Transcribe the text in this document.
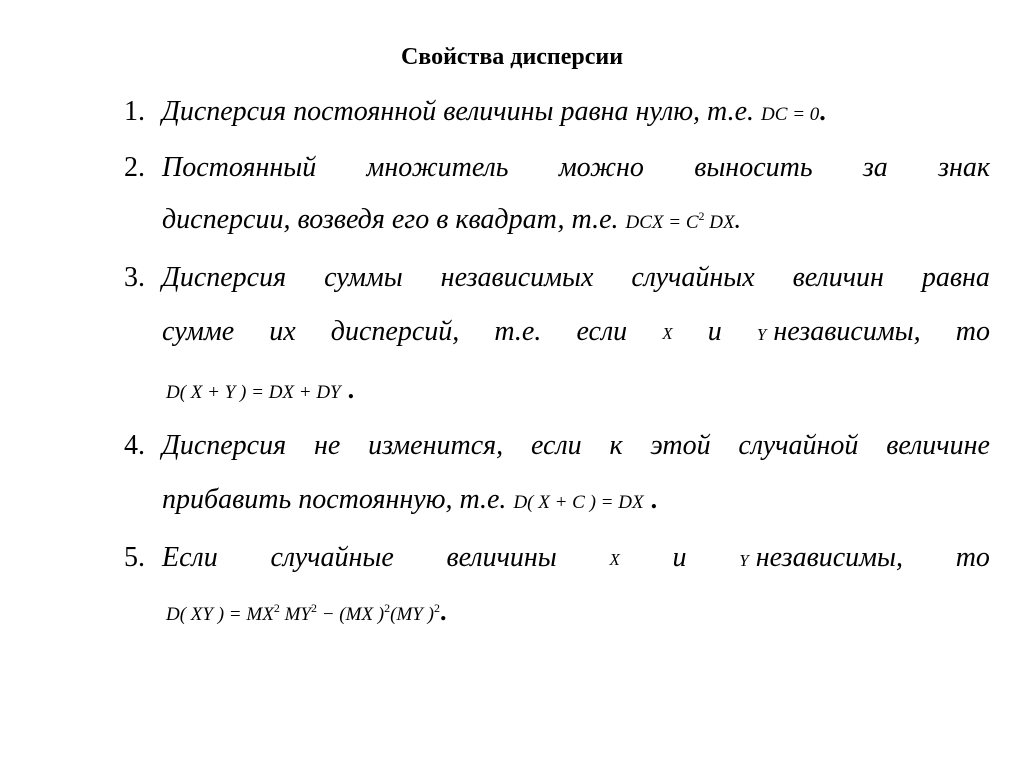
Свойства дисперсии
1. Дисперсия постоянной величины равна нулю, т.е. DC = 0.
2. Постоянный множитель можно выносить за знак
дисперсии, возведя его в квадрат, т.е. DCX = $C^2$ DX.
3. Дисперсия суммы независимых случайных величин равна
сумме их дисперсий, т.е. если X и Y независимы, то
D( X + Y ) = DX + DY .
4. Дисперсия не изменится, если к этой случайной величине
прибавить постоянную, т.е. D( X + C ) = DX .
5. Если случайные величины	X и	Y независимы, то
D( XY ) = $MX^2$ $MY^2 - (MX$ )$^2$(MY )$^2$.
